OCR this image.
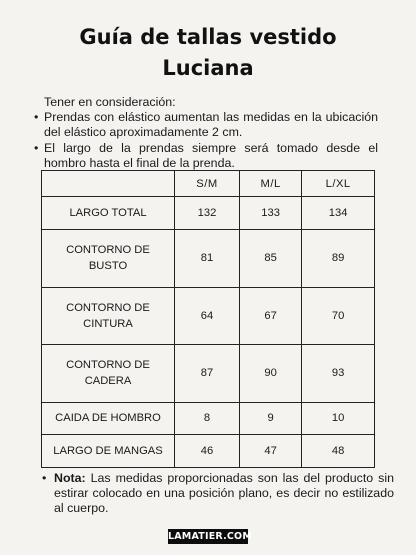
Guía de tallas vestido
Luciana
Tener en consideración:
• Prendas con elástico aumentan las medidas en la ubicación del elástico aproximadamente 2 cm.
• El largo de la prendas siempre será tomado desde el hombro hasta el final de la prenda.
	S/M	M/L	L/XL
LARGO TOTAL	132	133	134
CONTORNO DE BUSTO	81	85	89
CONTORNO DE CINTURA	64	67	70
CONTORNO DE CADERA	87	90	93
CAIDA DE HOMBRO	8	9	10
LARGO DE MANGAS	46	47	48
• Nota: Las medidas proporcionadas son las del producto sin estirar colocado en una posición plano, es decir no estilizado al cuerpo.
LAMATIER.COM
